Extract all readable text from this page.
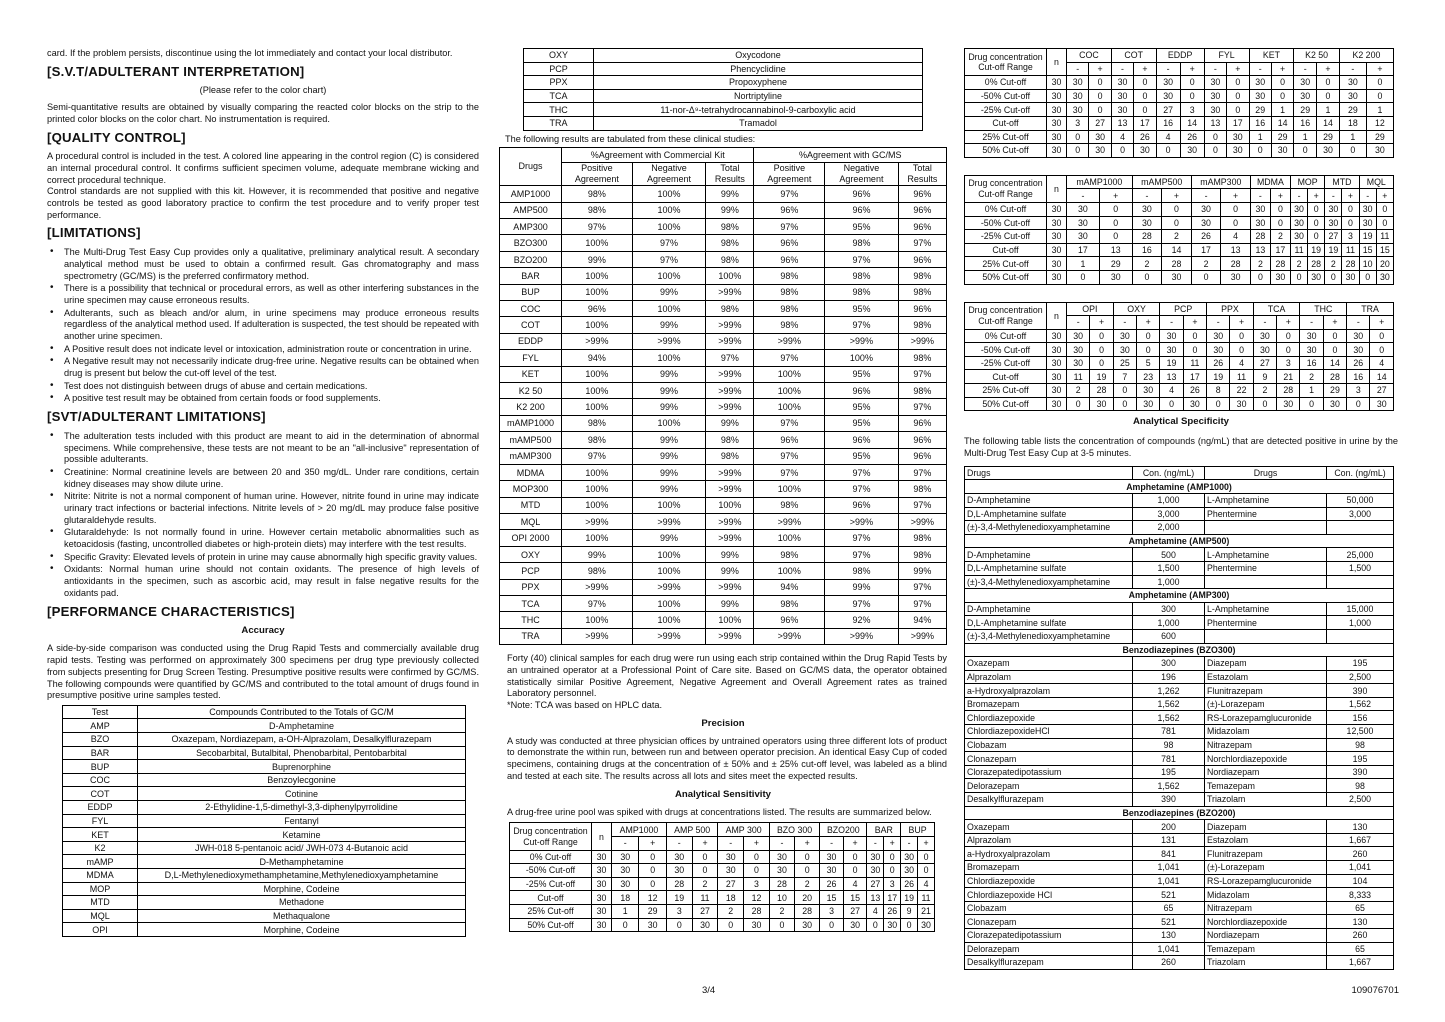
card. If the problem persists, discontinue using the lot immediately and contact your local distributor.

[S.V.T/ADULTERANT INTERPRETATION]

(Please refer to the color chart)

Semi-quantitative results are obtained by visually comparing the reacted color blocks on the strip to the printed color blocks on the color chart. No instrumentation is required.

[QUALITY CONTROL]

A procedural control is included in the test. A colored line appearing in the control region (C) is considered an internal procedural control. It confirms sufficient specimen volume, adequate membrane wicking and correct procedural technique.

Control standards are not supplied with this kit. However, it is recommended that positive and negative controls be tested as good laboratory practice to confirm the test procedure and to verify proper test performance.

[LIMITATIONS]
• The Multi-Drug Test Easy Cup provides only a qualitative, preliminary analytical result. A secondary analytical method must be used to obtain a confirmed result. Gas chromatography and mass spectrometry (GC/MS) is the preferred confirmatory method.
• There is a possibility that technical or procedural errors, as well as other interfering substances in the urine specimen may cause erroneous results.
• Adulterants, such as bleach and/or alum, in urine specimens may produce erroneous results regardless of the analytical method used. If adulteration is suspected, the test should be repeated with another urine specimen.
• A Positive result does not indicate level or intoxication, administration route or concentration in urine.
• A Negative result may not necessarily indicate drug-free urine. Negative results can be obtained when drug is present but below the cut-off level of the test.
• Test does not distinguish between drugs of abuse and certain medications.
• A positive test result may be obtained from certain foods or food supplements.
[SVT/ADULTERANT LIMITATIONS]
• The adulteration tests included with this product are meant to aid in the determination of abnormal specimens. While comprehensive, these tests are not meant to be an "all-inclusive" representation of possible adulterants.
• Creatinine: Normal creatinine levels are between 20 and 350 mg/dL. Under rare conditions, certain kidney diseases may show dilute urine.
• Nitrite: Nitrite is not a normal component of human urine. However, nitrite found in urine may indicate urinary tract infections or bacterial infections. Nitrite levels of > 20 mg/dL may produce false positive glutaraldehyde results.
• Glutaraldehyde: Is not normally found in urine. However certain metabolic abnormalities such as ketoacidosis (fasting, uncontrolled diabetes or high-protein diets) may interfere with the test results.
• Specific Gravity: Elevated levels of protein in urine may cause abnormally high specific gravity values.
• Oxidants: Normal human urine should not contain oxidants. The presence of high levels of antioxidants in the specimen, such as ascorbic acid, may result in false negative results for the oxidants pad.
[PERFORMANCE CHARACTERISTICS]
Accuracy

A side-by-side comparison was conducted using the Drug Rapid Tests and commercially available drug rapid tests. Testing was performed on approximately 300 specimens per drug type previously collected from subjects presenting for Drug Screen Testing. Presumptive positive results were confirmed by GC/MS. The following compounds were quantified by GC/MS and contributed to the total amount of drugs found in presumptive positive urine samples tested.

Test	Compounds Contributed to the Totals of GC/M
AMP	D-Amphetamine
BZO	Oxazepam, Nordiazepam, a-OH-Alprazolam, Desalkylflurazepam
BAR	Secobarbital, Butalbital, Phenobarbital, Pentobarbital
BUP	Buprenorphine
COC	Benzoylecgonine
COT	Cotinine
EDDP	2-Ethylidine-1,5-dimethyl-3,3-diphenylpyrrolidine
FYL	Fentanyl
KET	Ketamine
K2	JWH-018 5-pentanoic acid/ JWH-073 4-Butanoic acid
mAMP	D-Methamphetamine
MDMA	D,L-Methylenedioxymethamphetamine,Methylenedioxyamphetamine
MOP	Morphine, Codeine
MTD	Methadone
MQL	Methaqualone
OPI	Morphine, Codeine
OXY	Oxycodone
PCP	Phencyclidine
PPX	Propoxyphene
TCA	Nortriptyline
THC	11-nor-Δ⁹-tetrahydrocannabinol-9-carboxylic acid
TRA	Tramadol

The following results are tabulated from these clinical studies:

Drugs	%Agreement with Commercial Kit			%Agreement with GC/MS		
	Positive Agreement	Negative Agreement	Total Results	Positive Agreement	Negative Agreement	Total Results
AMP1000	98%	100%	99%	97%	96%	96%
AMP500	98%	100%	99%	96%	96%	96%
AMP300	97%	100%	98%	97%	95%	96%
BZO300	100%	97%	98%	96%	98%	97%
BZO200	99%	97%	98%	96%	97%	96%
BAR	100%	100%	100%	98%	98%	98%
BUP	100%	99%	>99%	98%	98%	98%
COC	96%	100%	98%	98%	95%	96%
COT	100%	99%	>99%	98%	97%	98%
EDDP	>99%	>99%	>99%	>99%	>99%	>99%
FYL	94%	100%	97%	97%	100%	98%
KET	100%	99%	>99%	100%	95%	97%
K2 50	100%	99%	>99%	100%	96%	98%
K2 200	100%	99%	>99%	100%	95%	97%
mAMP1000	98%	100%	99%	97%	95%	96%
mAMP500	98%	99%	98%	96%	96%	96%
mAMP300	97%	99%	98%	97%	95%	96%
MDMA	100%	99%	>99%	97%	97%	97%
MOP300	100%	99%	>99%	100%	97%	98%
MTD	100%	100%	100%	98%	96%	97%
MQL	>99%	>99%	>99%	>99%	>99%	>99%
OPI 2000	100%	99%	>99%	100%	97%	98%
OXY	99%	100%	99%	98%	97%	98%
PCP	98%	100%	99%	100%	98%	99%
PPX	>99%	>99%	>99%	94%	99%	97%
TCA	97%	100%	99%	98%	97%	97%
THC	100%	100%	100%	96%	92%	94%
TRA	>99%	>99%	>99%	>99%	>99%	>99%

Forty (40) clinical samples for each drug were run using each strip contained within the Drug Rapid Tests by an untrained operator at a Professional Point of Care site. Based on GC/MS data, the operator obtained statistically similar Positive Agreement, Negative Agreement and Overall Agreement rates as trained Laboratory personnel.

*Note: TCA was based on HPLC data.

Precision

A study was conducted at three physician offices by untrained operators using three different lots of product to demonstrate the within run, between run and between operator precision. An identical Easy Cup of coded specimens, containing drugs at the concentration of ± 50% and ± 25% cut-off level, was labeled as a blind and tested at each site. The results across all lots and sites meet the expected results.

Analytical Sensitivity

A drug-free urine pool was spiked with drugs at concentrations listed. The results are summarized below.

Drug concentration Cut-off Range	n	AMP1000		AMP 500		AMP 300		BZO 300		BZO200		BAR		BUP	
		-	+	-	+	-	+	-	+	-	+	-	+	-	+
0% Cut-off	30	30	0	30	0	30	0	30	0	30	0	30	0	30	0
-50% Cut-off	30	30	0	30	0	30	0	30	0	30	0	30	0	30	0
-25% Cut-off	30	30	0	28	2	27	3	28	2	26	4	27	3	26	4
Cut-off	30	18	12	19	11	18	12	10	20	15	15	13	17	19	11
25% Cut-off	30	1	29	3	27	2	28	2	28	3	27	4	26	9	21
50% Cut-off	30	0	30	0	30	0	30	0	30	0	30	0	30	0	30
Drug concentration Cut-off Range	n	COC		COT		EDDP		FYL		KET		K2 50		K2 200	
		-	+	-	+	-	+	-	+	-	+	-	+	-	+
0% Cut-off	30	30	0	30	0	30	0	30	0	30	0	30	0	30	0
-50% Cut-off	30	30	0	30	0	30	0	30	0	30	0	30	0	30	0
-25% Cut-off	30	30	0	30	0	27	3	30	0	29	1	29	1	29	1
Cut-off	30	3	27	13	17	16	14	13	17	16	14	16	14	18	12
25% Cut-off	30	0	30	4	26	4	26	0	30	1	29	1	29	1	29
50% Cut-off	30	0	30	0	30	0	30	0	30	0	30	0	30	0	30
Drug concentration Cut-off Range	n	mAMP1000		mAMP500		mAMP300		MDMA		MOP		MTD		MQL	
		-	+	-	+	-	+	-	+	-	+	-	+	-	+
0% Cut-off	30	30	0	30	0	30	0	30	0	30	0	30	0	30	0
-50% Cut-off	30	30	0	30	0	30	0	30	0	30	0	30	0	30	0
-25% Cut-off	30	30	0	28	2	26	4	28	2	30	0	27	3	19	11
Cut-off	30	17	13	16	14	17	13	13	17	11	19	19	11	15	15
25% Cut-off	30	1	29	2	28	2	28	2	28	2	28	2	28	10	20
50% Cut-off	30	0	30	0	30	0	30	0	30	0	30	0	30	0	30
Drug concentration Cut-off Range	n	OPI		OXY		PCP		PPX		TCA		THC		TRA	
		-	+	-	+	-	+	-	+	-	+	-	+	-	+
0% Cut-off	30	30	0	30	0	30	0	30	0	30	0	30	0	30	0
-50% Cut-off	30	30	0	30	0	30	0	30	0	30	0	30	0	30	0
-25% Cut-off	30	30	0	25	5	19	11	26	4	27	3	16	14	26	4
Cut-off	30	11	19	7	23	13	17	19	11	9	21	2	28	16	14
25% Cut-off	30	2	28	0	30	4	26	8	22	2	28	1	29	3	27
50% Cut-off	30	0	30	0	30	0	30	0	30	0	30	0	30	0	30
Analytical Specificity

The following table lists the concentration of compounds (ng/mL) that are detected positive in urine by the Multi-Drug Test Easy Cup at 3-5 minutes.

Drugs	Con. (ng/mL)	Drugs	Con. (ng/mL)
Amphetamine (AMP1000)			
D-Amphetamine	1,000	L-Amphetamine	50,000
D,L-Amphetamine sulfate	3,000	Phentermine	3,000
(±)-3,4-Methylenedioxyamphetamine	2,000		
Amphetamine (AMP500)			
D-Amphetamine	500	L-Amphetamine	25,000
D,L-Amphetamine sulfate	1,500	Phentermine	1,500
(±)-3,4-Methylenedioxyamphetamine	1,000		
Amphetamine (AMP300)			
D-Amphetamine	300	L-Amphetamine	15,000
D,L-Amphetamine sulfate	1,000	Phentermine	1,000
(±)-3,4-Methylenedioxyamphetamine	600		
Benzodiazepines (BZO300)			
Oxazepam	300	Diazepam	195
Alprazolam	196	Estazolam	2,500
a-Hydroxyalprazolam	1,262	Flunitrazepam	390
Bromazepam	1,562	(±)-Lorazepam	1,562
Chlordiazepoxide	1,562	RS-Lorazepamglucuronide	156
ChlordiazepoxideHCl	781	Midazolam	12,500
Clobazam	98	Nitrazepam	98
Clonazepam	781	Norchlordiazepoxide	195
Clorazepatedipotassium	195	Nordiazepam	390
Delorazepam	1,562	Temazepam	98
Desalkylflurazepam	390	Triazolam	2,500
Benzodiazepines (BZO200)			
Oxazepam	200	Diazepam	130
Alprazolam	131	Estazolam	1,667
a-Hydroxyalprazolam	841	Flunitrazepam	260
Bromazepam	1,041	(±)-Lorazepam	1,041
Chlordiazepoxide	1,041	RS-Lorazepamglucuronide	104
Chlordiazepoxide HCl	521	Midazolam	8,333
Clobazam	65	Nitrazepam	65
Clonazepam	521	Norchlordiazepoxide	130
Clorazepatedipotassium	130	Nordiazepam	260
Delorazepam	1,041	Temazepam	65
Desalkylflurazepam	260	Triazolam	1,667
3/4	109076701
